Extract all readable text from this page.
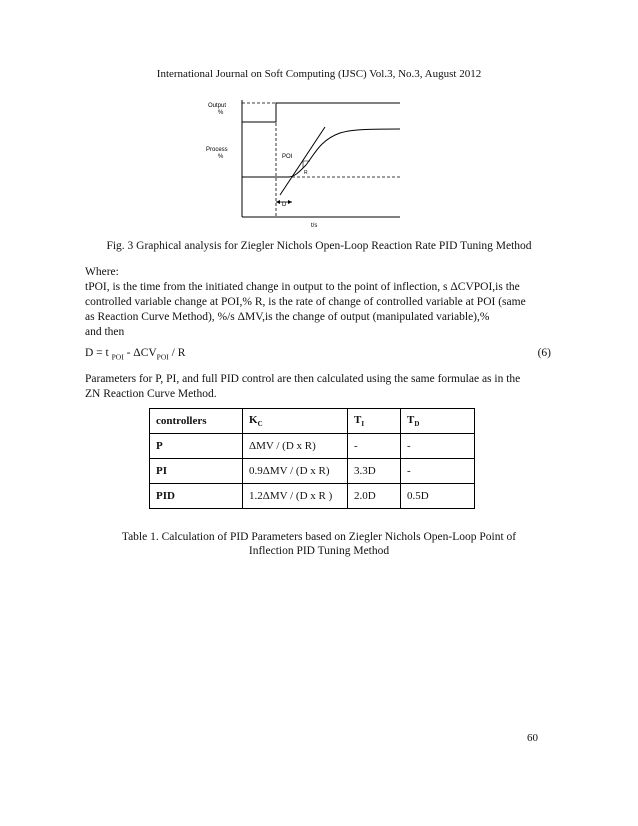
International Journal on Soft Computing (IJSC) Vol.3, No.3, August 2012
Output
%
Process
%	POI
R
D
t/s
Fig. 3 Graphical analysis for Ziegler Nichols Open-Loop Reaction Rate PID Tuning Method
Where:
tPOI, is the time from the initiated change in output to the point of inflection, s ΔCVPOI,is the
controlled variable change at POI,% R, is the rate of change of controlled variable at POI (same
as Reaction Curve Method), %/s ΔMV,is the change of output (manipulated variable),%
and then
D = t $_{POI} - \Delta CV_{POI}$ / R	(6)
Parameters for P, PI, and full PID control are then calculated using the same formulae as in the
ZN Reaction Curve Method.
controllers	$K_C$	$T_I$	$T_D$
P	ΔMV / (D x R)	-	-
PI	0.9ΔMV / (D x R)	3.3D	-
PID	1.2ΔMV / (D x R )	2.0D	0.5D
Table 1. Calculation of PID Parameters based on Ziegler Nichols Open-Loop Point of
Inflection PID Tuning Method
60
